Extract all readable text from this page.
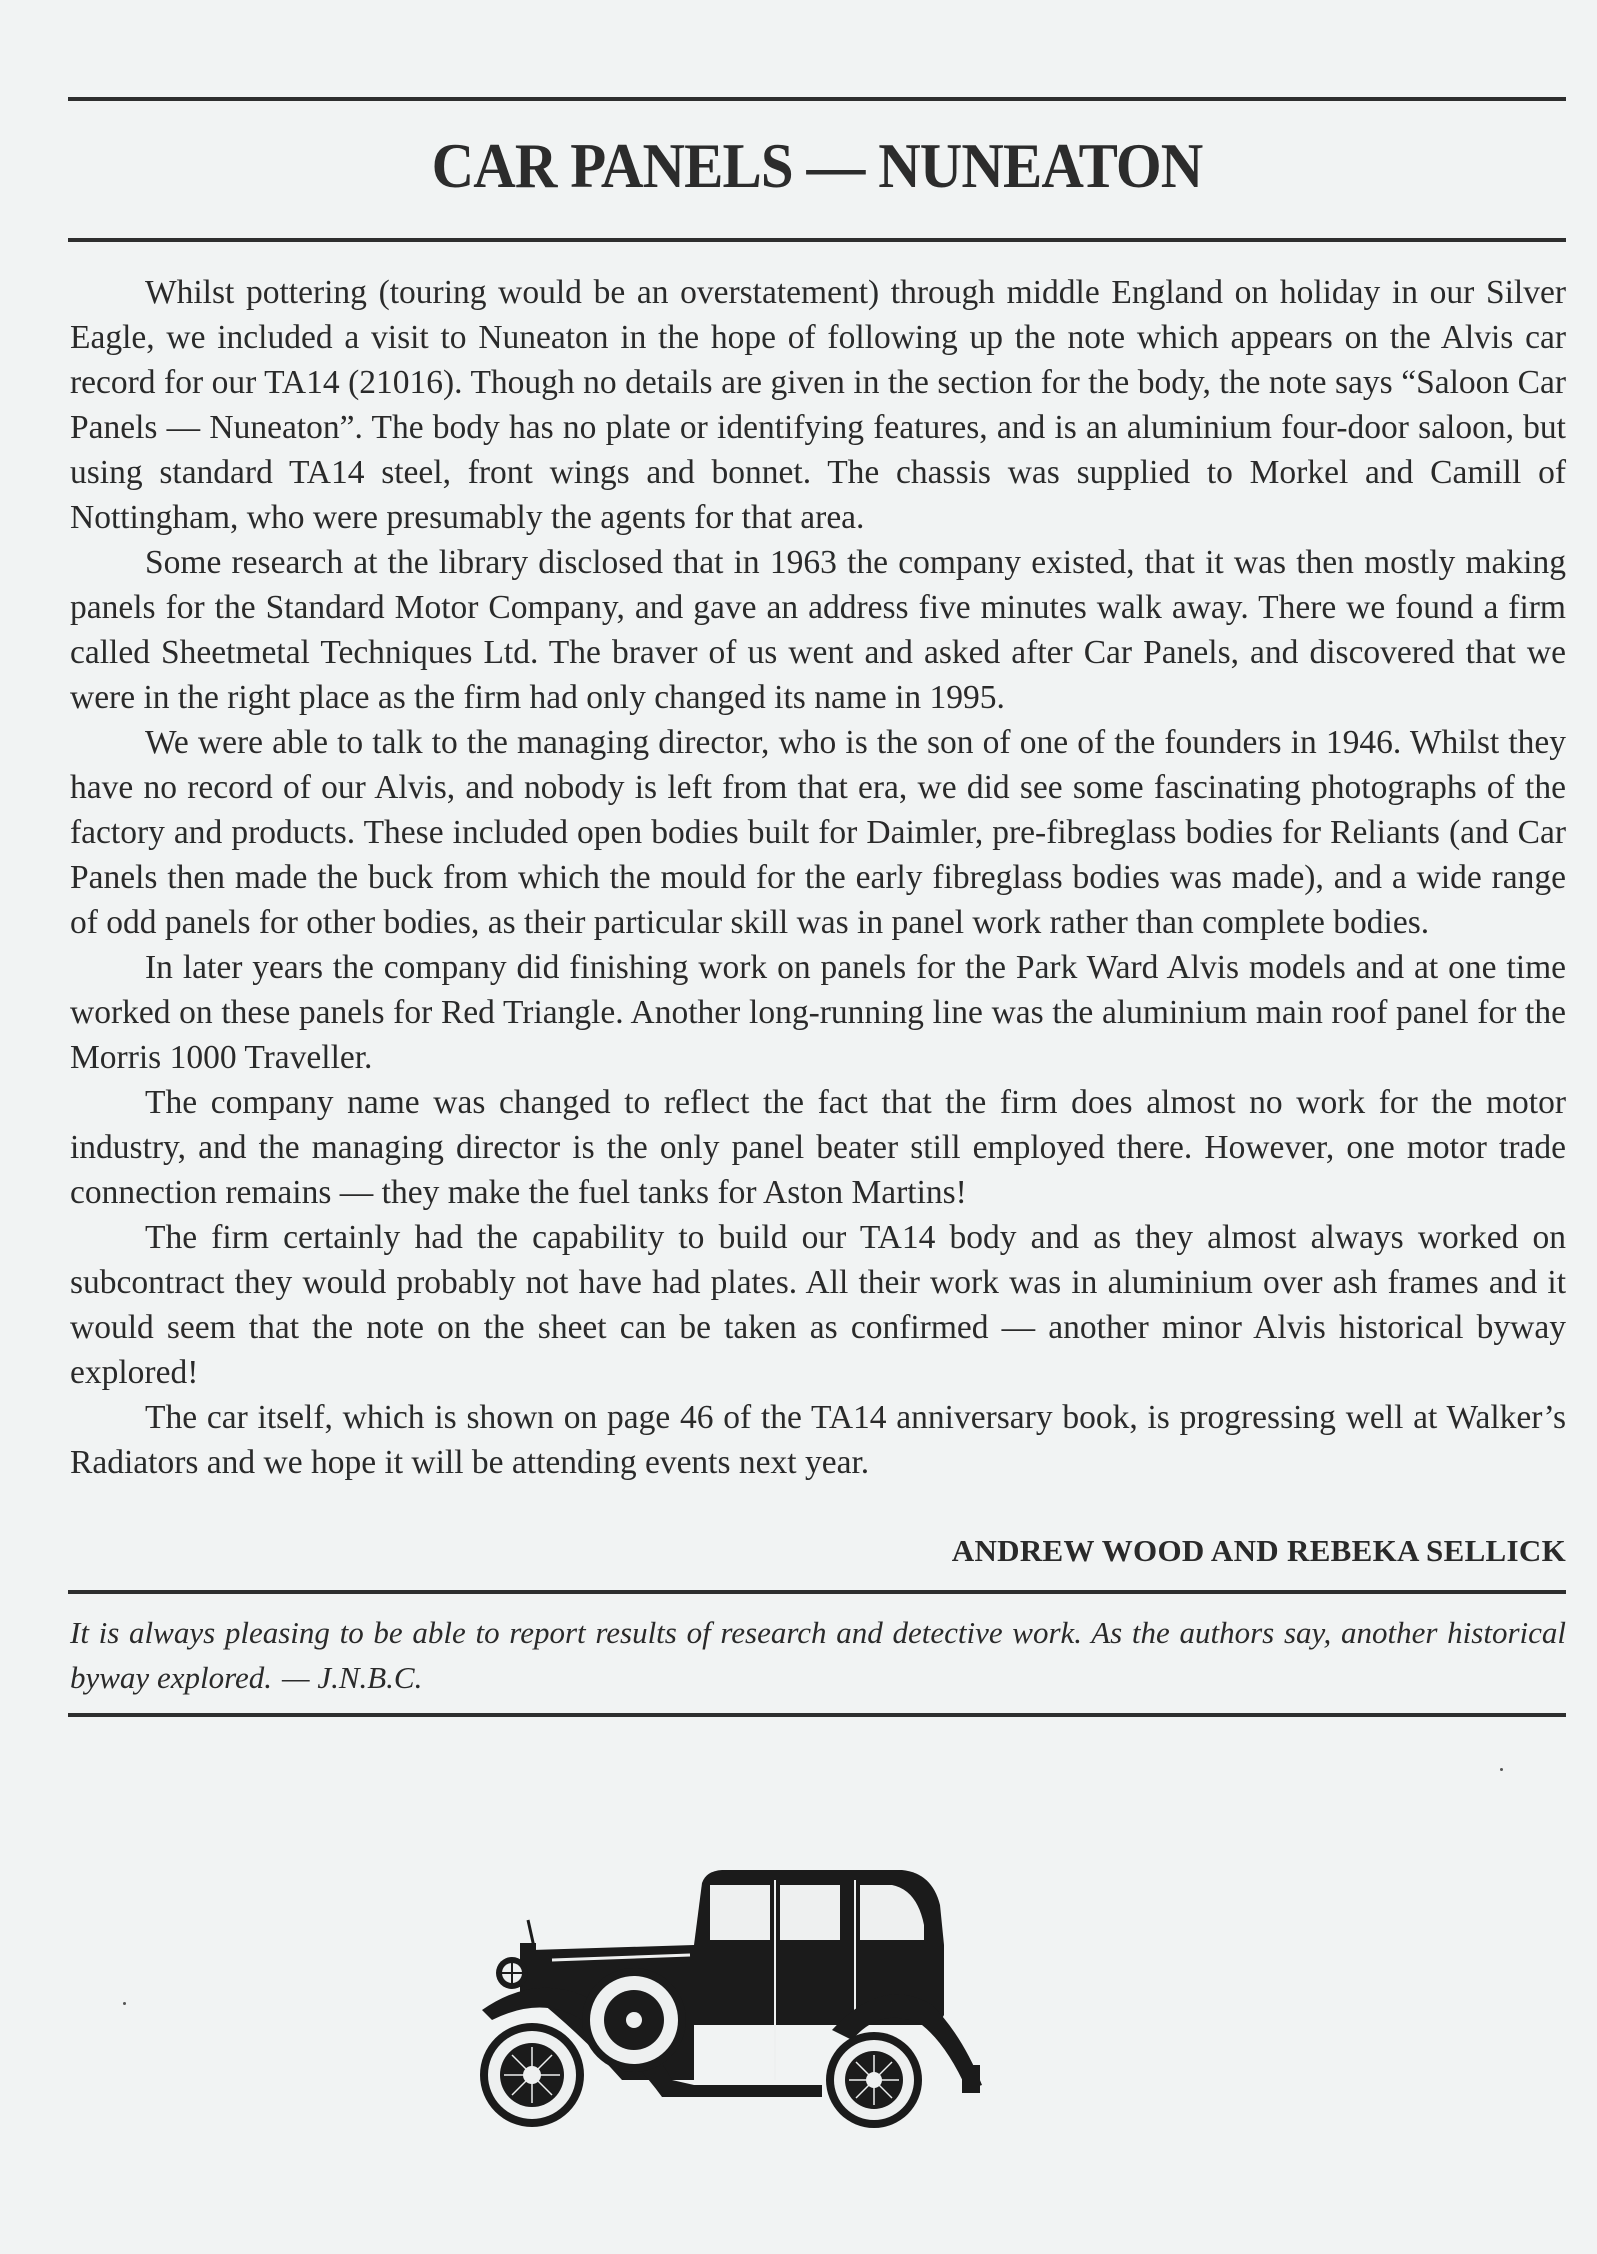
CAR PANELS — NUNEATON

Whilst pottering (touring would be an overstatement) through middle England on holiday in our Silver Eagle, we included a visit to Nuneaton in the hope of following up the note which appears on the Alvis car record for our TA14 (21016). Though no details are given in the section for the body, the note says “Saloon Car Panels — Nuneaton”. The body has no plate or identifying features, and is an aluminium four-door saloon, but using standard TA14 steel, front wings and bonnet. The chassis was supplied to Morkel and Camill of Nottingham, who were presumably the agents for that area.

Some research at the library disclosed that in 1963 the company existed, that it was then mostly making panels for the Standard Motor Company, and gave an address five minutes walk away. There we found a firm called Sheetmetal Techniques Ltd. The braver of us went and asked after Car Panels, and discovered that we were in the right place as the firm had only changed its name in 1995.

We were able to talk to the managing director, who is the son of one of the founders in 1946. Whilst they have no record of our Alvis, and nobody is left from that era, we did see some fascinating photographs of the factory and products. These included open bodies built for Daimler, pre-fibreglass bodies for Reliants (and Car Panels then made the buck from which the mould for the early fibreglass bodies was made), and a wide range of odd panels for other bodies, as their particular skill was in panel work rather than complete bodies.

In later years the company did finishing work on panels for the Park Ward Alvis models and at one time worked on these panels for Red Triangle. Another long-running line was the aluminium main roof panel for the Morris 1000 Traveller.

The company name was changed to reflect the fact that the firm does almost no work for the motor industry, and the managing director is the only panel beater still employed there. However, one motor trade connection remains — they make the fuel tanks for Aston Martins!

The firm certainly had the capability to build our TA14 body and as they almost always worked on subcontract they would probably not have had plates. All their work was in aluminium over ash frames and it would seem that the note on the sheet can be taken as confirmed — another minor Alvis historical byway explored!

The car itself, which is shown on page 46 of the TA14 anniversary book, is progressing well at Walker’s Radiators and we hope it will be attending events next year.

ANDREW WOOD AND REBEKA SELLICK
It is always pleasing to be able to report results of research and detective work. As the authors say, another historical byway explored. — J.N.B.C.
